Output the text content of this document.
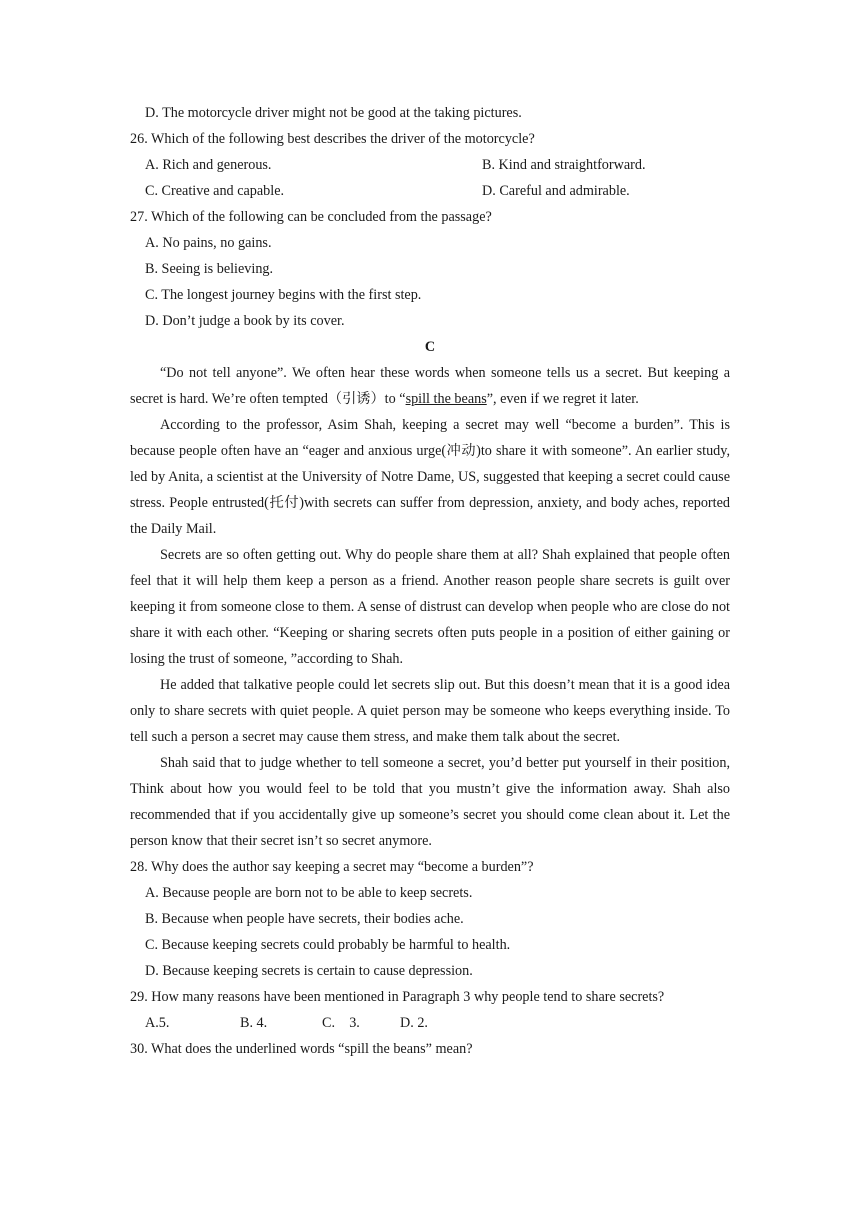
D. The motorcycle driver might not be good at the taking pictures.
26. Which of the following best describes the driver of the motorcycle?
A. Rich and generous.	B. Kind and straightforward.
C. Creative and capable.	D. Careful and admirable.
27. Which of the following can be concluded from the passage?
A. No pains, no gains.
B. Seeing is believing.
C. The longest journey begins with the first step.
D. Don’t judge a book by its cover.
C

“Do not tell anyone”. We often hear these words when someone tells us a secret. But keeping a secret is hard. We’re often tempted（引诱）to “spill the beans”, even if we regret it later.

According to the professor, Asim Shah, keeping a secret may well “become a burden”. This is because people often have an “eager and anxious urge(冲动)to share it with someone”. An earlier study, led by Anita, a scientist at the University of Notre Dame, US, suggested that keeping a secret could cause stress. People entrusted(托付)with secrets can suffer from depression, anxiety, and body aches, reported the Daily Mail.

Secrets are so often getting out. Why do people share them at all? Shah explained that people often feel that it will help them keep a person as a friend. Another reason people share secrets is guilt over keeping it from someone close to them. A sense of distrust can develop when people who are close do not share it with each other. “Keeping or sharing secrets often puts people in a position of either gaining or losing the trust of someone, ”according to Shah.

He added that talkative people could let secrets slip out. But this doesn’t mean that it is a good idea only to share secrets with quiet people. A quiet person may be someone who keeps everything inside. To tell such a person a secret may cause them stress, and make them talk about the secret.

Shah said that to judge whether to tell someone a secret, you’d better put yourself in their position, Think about how you would feel to be told that you mustn’t give the information away. Shah also recommended that if you accidentally give up someone’s secret you should come clean about it. Let the person know that their secret isn’t so secret anymore.

28. Why does the author say keeping a secret may “become a burden”?
A. Because people are born not to be able to keep secrets.
B. Because when people have secrets, their bodies ache.
C. Because keeping secrets could probably be harmful to health.
D. Because keeping secrets is certain to cause depression.
29. How many reasons have been mentioned in Paragraph 3 why people tend to share secrets?
A.5.	B. 4.	C.    3.	D. 2.
30. What does the underlined words “spill the beans” mean?
